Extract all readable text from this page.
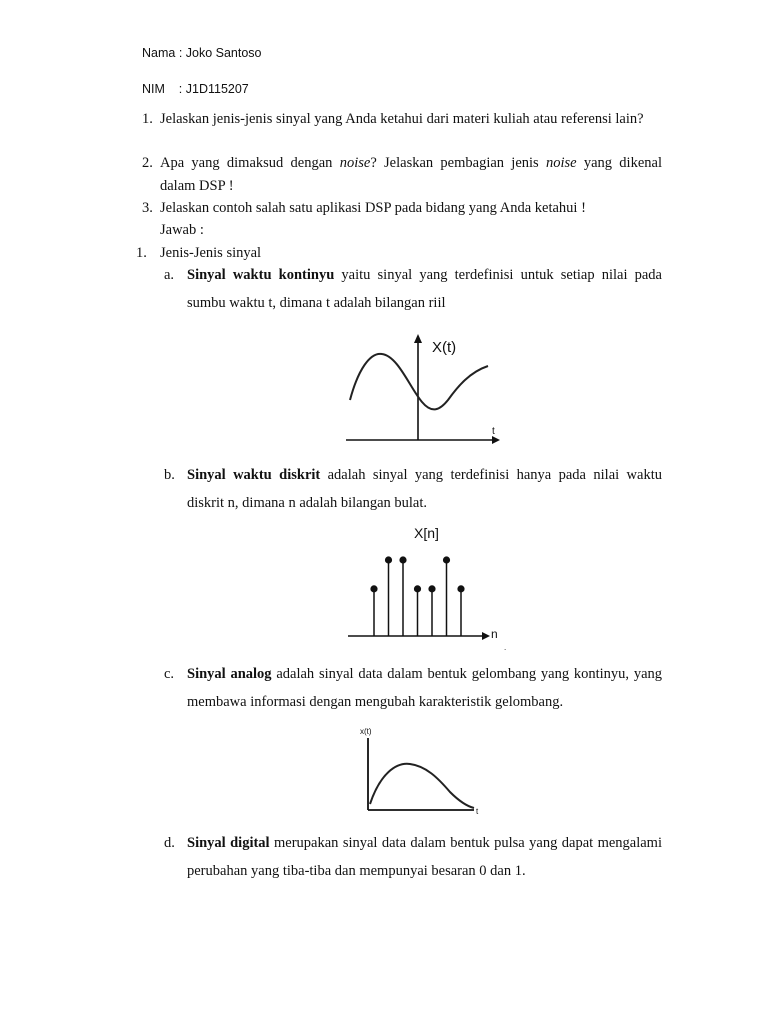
Nama : Joko Santoso
NIM    : J1D115207
1. Jelaskan jenis-jenis sinyal yang Anda ketahui dari materi kuliah atau referensi lain?
2. Apa yang dimaksud dengan noise? Jelaskan pembagian jenis noise yang dikenal dalam DSP !
3. Jelaskan contoh salah satu aplikasi DSP pada bidang yang Anda ketahui !
Jawab :
1. Jenis-Jenis sinyal
a. Sinyal waktu kontinyu yaitu sinyal yang terdefinisi untuk setiap nilai pada sumbu waktu t, dimana t adalah bilangan riil
X(t)
t
b. Sinyal waktu diskrit adalah sinyal yang terdefinisi hanya pada nilai waktu diskrit n, dimana n adalah bilangan bulat.
X[n]
n
.
c. Sinyal analog adalah sinyal data dalam bentuk gelombang yang kontinyu, yang membawa informasi dengan mengubah karakteristik gelombang.
x(t)
t
d. Sinyal digital merupakan sinyal data dalam bentuk pulsa yang dapat mengalami perubahan yang tiba-tiba dan mempunyai besaran 0 dan 1.
